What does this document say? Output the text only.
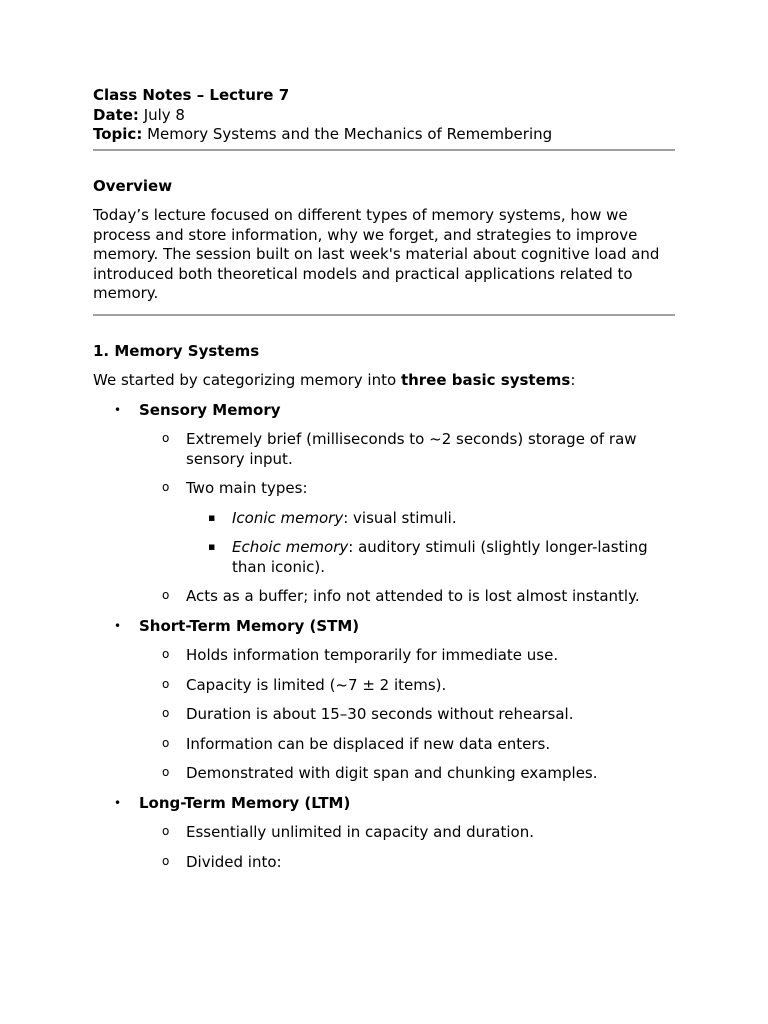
Class Notes – Lecture 7
Date: July 8
Topic: Memory Systems and the Mechanics of Remembering
Overview

Today’s lecture focused on different types of memory systems, how we process and store information, why we forget, and strategies to improve memory. The session built on last week's material about cognitive load and introduced both theoretical models and practical applications related to memory.

1. Memory Systems

We started by categorizing memory into three basic systems:

• Sensory Memory
o Extremely brief (milliseconds to ~2 seconds) storage of raw sensory input.
o Two main types:
▪ Iconic memory: visual stimuli.
▪ Echoic memory: auditory stimuli (slightly longer-lasting than iconic).
o Acts as a buffer; info not attended to is lost almost instantly.
• Short-Term Memory (STM)
o Holds information temporarily for immediate use.
o Capacity is limited (~7 ± 2 items).
o Duration is about 15–30 seconds without rehearsal.
o Information can be displaced if new data enters.
o Demonstrated with digit span and chunking examples.
• Long-Term Memory (LTM)
o Essentially unlimited in capacity and duration.
o Divided into:
